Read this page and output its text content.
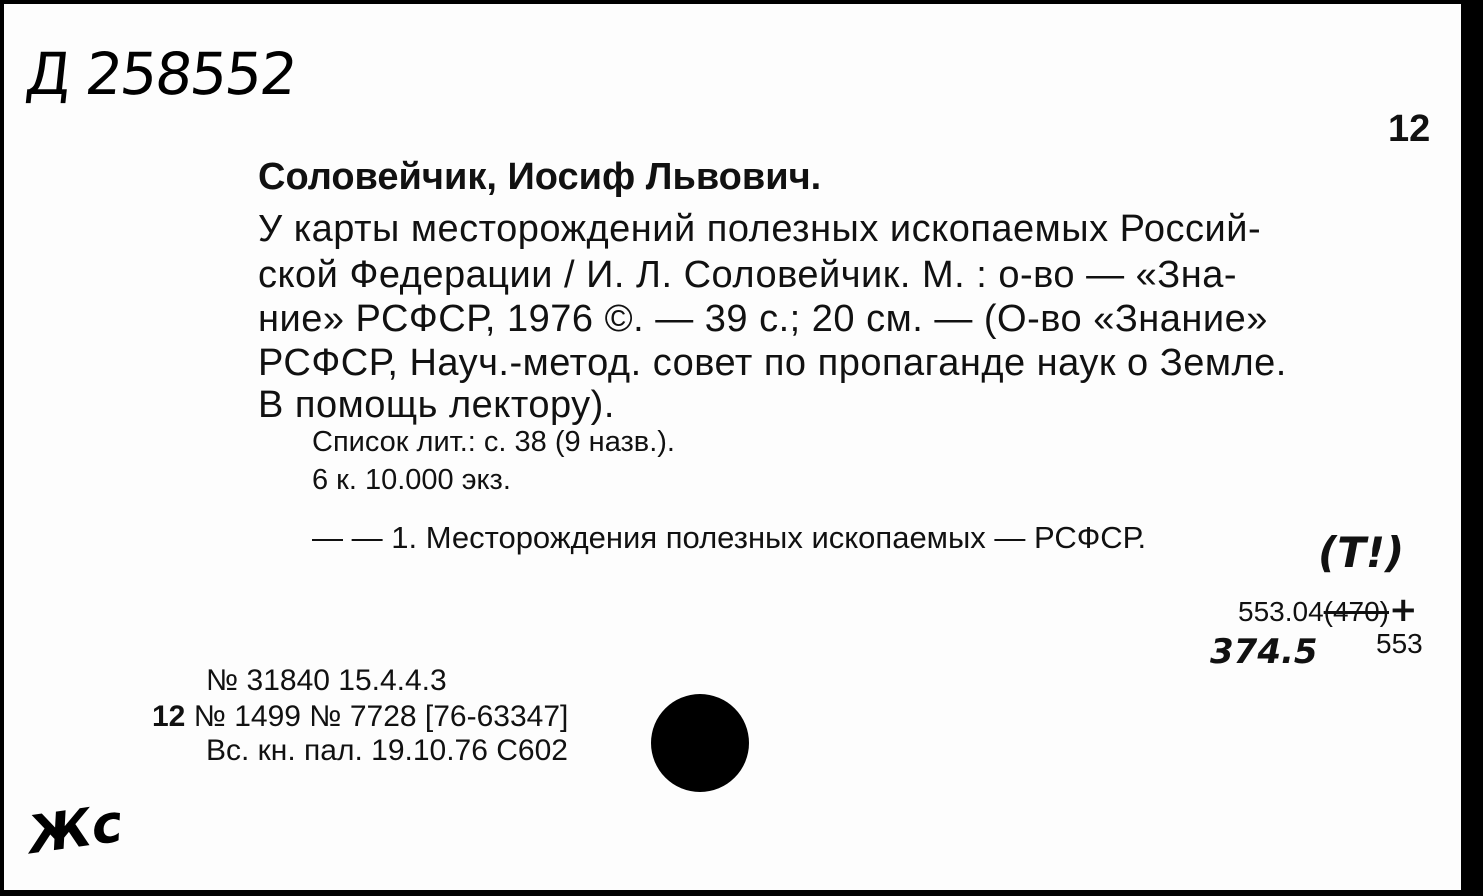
Д 258552
12
Соловейчик, Иосиф Львович.
У карты месторождений полезных ископаемых Россий-
ской Федерации / И. Л. Соловейчик. М. : о-во — «Зна-
ние» РСФСР, 1976 ©. — 39 с.; 20 см. — (О-во «Знание»
РСФСР, Науч.-метод. совет по пропаганде наук о Земле.
В помощь лектору).
Список лит.: с. 38 (9 назв.).
6 к. 10.000 экз.
— — 1. Месторождения полезных ископаемых — РСФСР.	(Т!)
553.04(470)+
374.5 553
№ 31840 15.4.4.3
12 № 1499 № 7728 [76-63347]
Вс. кн. пал. 19.10.76 С602
Жс
